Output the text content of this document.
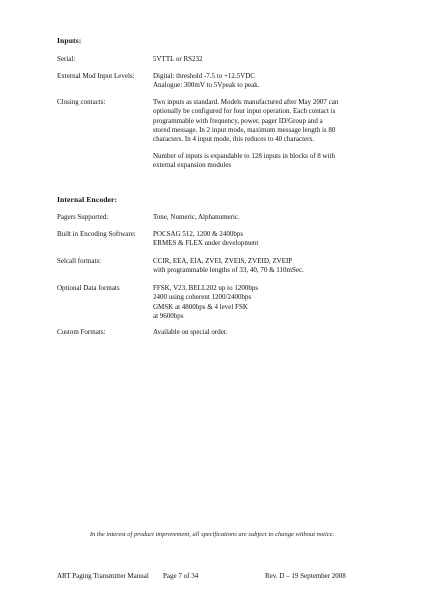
Inputs:
Serial:	5VTTL or RS232
External Mod Input Levels:	Digital: threshold -7.5 to +12.5VDC
Analogue: 300mV to 5Vpeak to peak.
Closing contacts:	Two inputs as standard. Models manufactured after May 2007 can
optionally be configured for four input operation. Each contact is
programmable with frequency, power, pager ID/Group and a
stored message. In 2 input mode, maximum message length is 80
characters. In 4 input mode, this reduces to 40 characters.
Number of inputs is expandable to 128 inputs in blocks of 8 with
external expansion modules
Internal Encoder:
Pagers Supported:	Tone, Numeric, Alphanumeric.
Built in Encoding Software: POCSAG 512, 1200 & 2400bps
ERMES & FLEX under development
Selcall formats:	CCIR, EEA, EIA, ZVEI, ZVEIS, ZVEID, ZVEIP
with programmable lengths of 33, 40, 70 & 110mSec.
Optional Data formats	FFSK, V23, BELL202 up to 1200bps
2400 using coherent 1200/2400bps
GMSK at 4800bps & 4 level FSK
at 9600bps
Custom Formats:	Available on special order.
In the interest of product improvement, all specifications are subject to change without notice.
ART Paging Transmitter Manual Page 7 of 34	Rev. D – 19 September 2008
